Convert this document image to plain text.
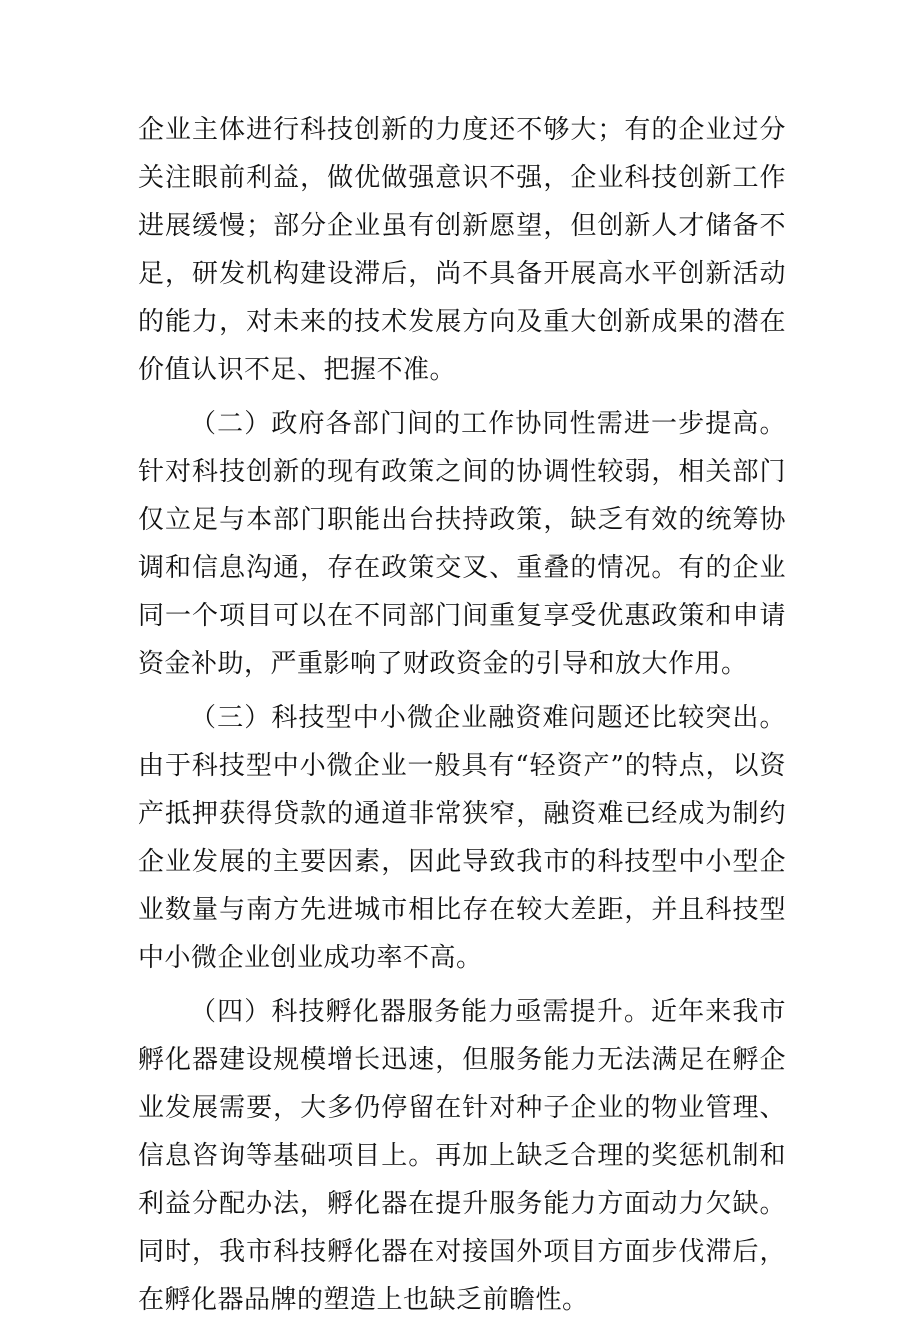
企业主体进行科技创新的力度还不够大；有的企业过分关注眼前利益，做优做强意识不强，企业科技创新工作进展缓慢；部分企业虽有创新愿望，但创新人才储备不足，研发机构建设滞后，尚不具备开展高水平创新活动的能力，对未来的技术发展方向及重大创新成果的潜在价值认识不足、把握不准。

（二）政府各部门间的工作协同性需进一步提高。针对科技创新的现有政策之间的协调性较弱，相关部门仅立足与本部门职能出台扶持政策，缺乏有效的统筹协调和信息沟通，存在政策交叉、重叠的情况。有的企业同一个项目可以在不同部门间重复享受优惠政策和申请资金补助，严重影响了财政资金的引导和放大作用。

（三）科技型中小微企业融资难问题还比较突出。由于科技型中小微企业一般具有“轻资产”的特点，以资产抵押获得贷款的通道非常狭窄，融资难已经成为制约企业发展的主要因素，因此导致我市的科技型中小型企业数量与南方先进城市相比存在较大差距，并且科技型中小微企业创业成功率不高。

（四）科技孵化器服务能力亟需提升。近年来我市孵化器建设规模增长迅速，但服务能力无法满足在孵企业发展需要，大多仍停留在针对种子企业的物业管理、信息咨询等基础项目上。再加上缺乏合理的奖惩机制和利益分配办法，孵化器在提升服务能力方面动力欠缺。同时，我市科技孵化器在对接国外项目方面步伐滞后，在孵化器品牌的塑造上也缺乏前瞻性。
